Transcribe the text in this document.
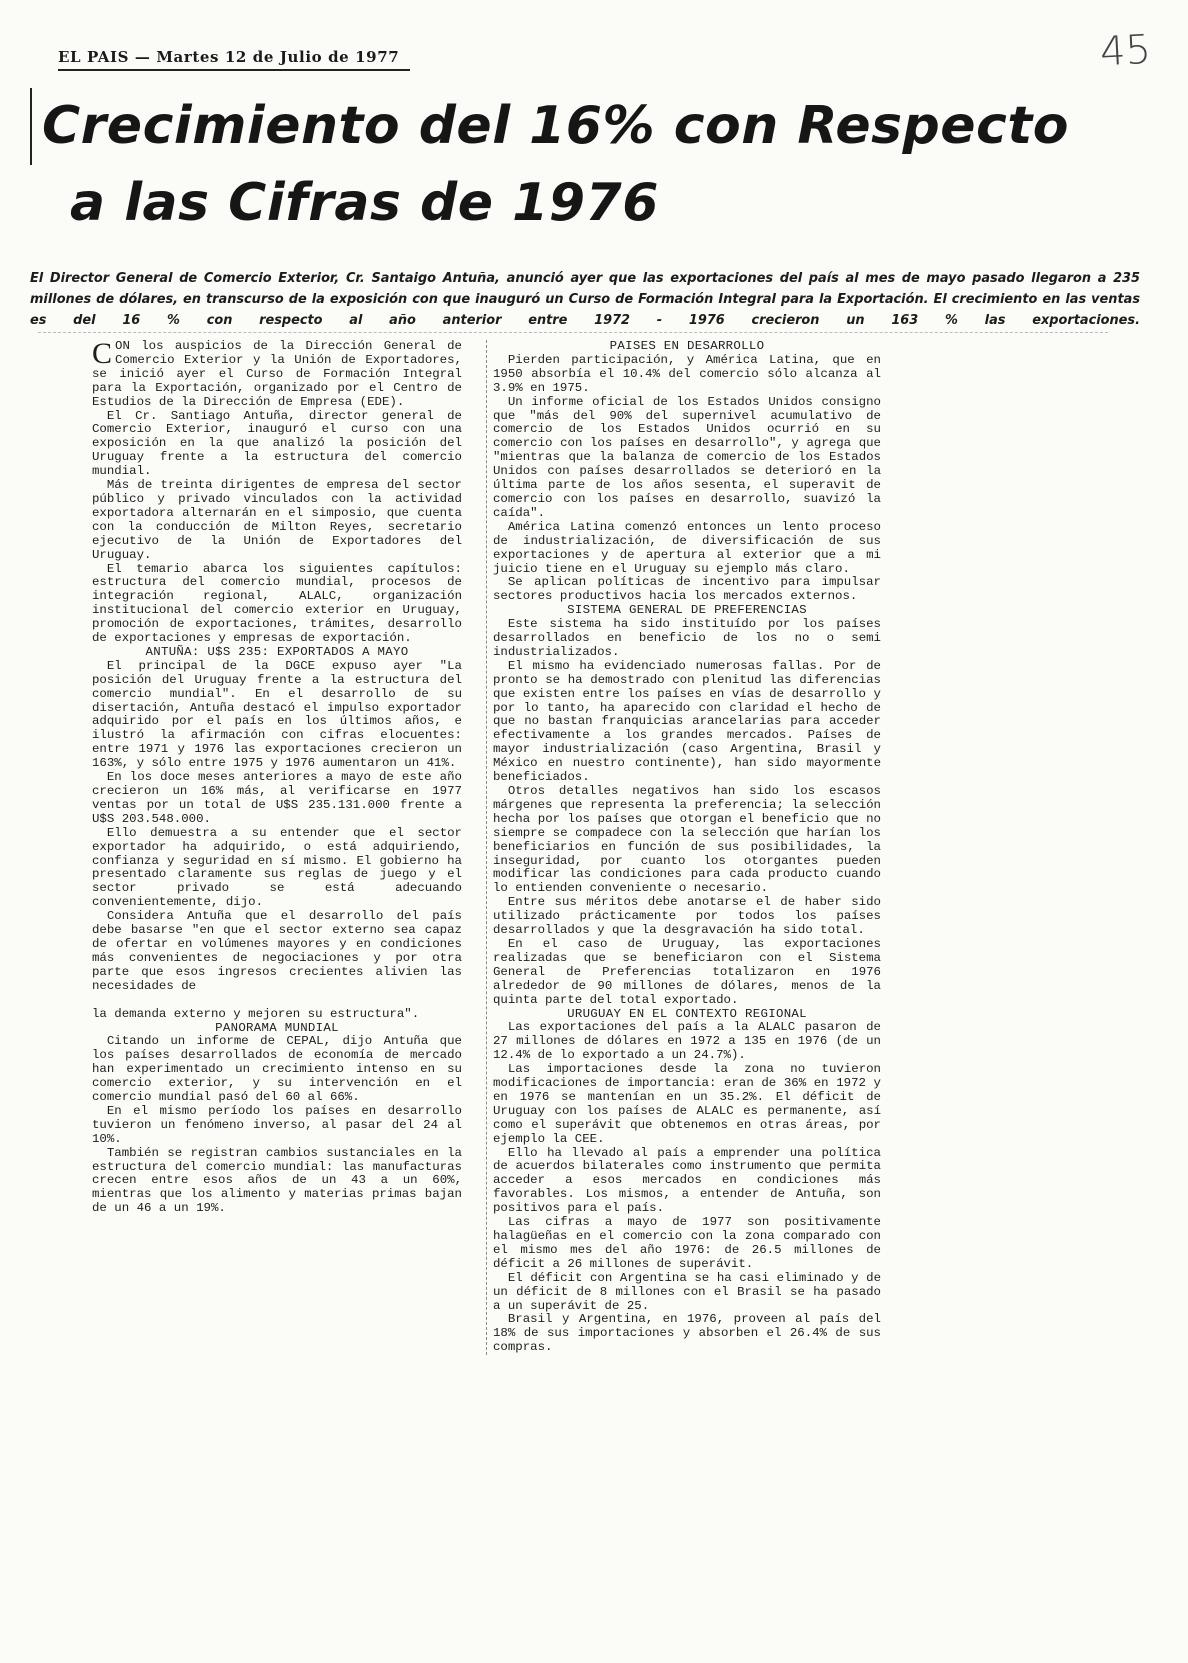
EL PAIS — Martes 12 de Julio de 1977	45
Crecimiento del 16% con Respecto
a las Cifras de 1976
El Director General de Comercio Exterior, Cr. Santaigo Antuña, anunció ayer que las exportaciones del país al mes de mayo pasado llegaron a 235 millones de dólares, en transcurso de la exposición con que inauguró un Curso de Formación Integral para la Exportación. El crecimiento en las ventas es del 16 % con respecto al año anterior entre 1972 - 1976 crecieron un 163 % las exportaciones.

CON los auspicios de la Dirección General de Comercio Exterior y la Unión de Exportadores, se inició ayer el Curso de Formación Integral para la Exportación, organizado por el Centro de Estudios de la Dirección de Empresa (EDE).

El Cr. Santiago Antuña, director general de Comercio Exterior, inauguró el curso con una exposición en la que analizó la posición del Uruguay frente a la estructura del comercio mundial.

Más de treinta dirigentes de empresa del sector público y privado vinculados con la actividad exportadora alternarán en el simposio, que cuenta con la conducción de Milton Reyes, secretario ejecutivo de la Unión de Exportadores del Uruguay.

El temario abarca los siguientes capítulos: estructura del comercio mundial, procesos de integración regional, ALALC, organización institucional del comercio exterior en Uruguay, promoción de exportaciones, trámites, desarrollo de exportaciones y empresas de exportación.

ANTUÑA: U$S 235: EXPORTADOS A MAYO

El principal de la DGCE expuso ayer "La posición del Uruguay frente a la estructura del comercio mundial". En el desarrollo de su disertación, Antuña destacó el impulso exportador adquirido por el país en los últimos años, e ilustró la afirmación con cifras elocuentes: entre 1971 y 1976 las exportaciones crecieron un 163%, y sólo entre 1975 y 1976 aumentaron un 41%.

En los doce meses anteriores a mayo de este año crecieron un 16% más, al verificarse en 1977 ventas por un total de U$S 235.131.000 frente a U$S 203.548.000.

Ello demuestra a su entender que el sector exportador ha adquirido, o está adquiriendo, confianza y seguridad en sí mismo. El gobierno ha presentado claramente sus reglas de juego y el sector privado se está adecuando convenientemente, dijo.

Considera Antuña que el desarrollo del país debe basarse "en que el sector externo sea capaz de ofertar en volúmenes mayores y en condiciones más convenientes de negociaciones y por otra parte que esos ingresos crecientes alivien las necesidades de

la demanda externo y mejoren su estructura".

PANORAMA MUNDIAL

Citando un informe de CEPAL, dijo Antuña que los países desarrollados de economía de mercado han experimentado un crecimiento intenso en su comercio exterior, y su intervención en el comercio mundial pasó del 60 al 66%.

En el mismo período los países en desarrollo tuvieron un fenómeno inverso, al pasar del 24 al 10%.

También se registran cambios sustanciales en la estructura del comercio mundial: las manufacturas crecen entre esos años de un 43 a un 60%, mientras que los alimento y materias primas bajan de un 46 a un 19%.

PAISES EN DESARROLLO

Pierden participación, y América Latina, que en 1950 absorbía el 10.4% del comercio sólo alcanza al 3.9% en 1975.

Un informe oficial de los Estados Unidos consigno que "más del 90% del supernivel acumulativo de comercio de los Estados Unidos ocurrió en su comercio con los países en desarrollo", y agrega que "mientras que la balanza de comercio de los Estados Unidos con países desarrollados se deterioró en la última parte de los años sesenta, el superavit de comercio con los países en desarrollo, suavizó la caída".

América Latina comenzó entonces un lento proceso de industrialización, de diversificación de sus exportaciones y de apertura al exterior que a mi juicio tiene en el Uruguay su ejemplo más claro.

Se aplican políticas de incentivo para impulsar sectores productivos hacia los mercados externos.

SISTEMA GENERAL DE PREFERENCIAS

Este sistema ha sido instituído por los países desarrollados en beneficio de los no o semi industrializados.

El mismo ha evidenciado numerosas fallas. Por de pronto se ha demostrado con plenitud las diferencias que existen entre los países en vías de desarrollo y por lo tanto, ha aparecido con claridad el hecho de que no bastan franquicias arancelarias para acceder efectivamente a los grandes mercados. Países de mayor industrialización (caso Argentina, Brasil y México en nuestro continente), han sido mayormente beneficiados.

Otros detalles negativos han sido los escasos márgenes que representa la preferencia; la selección hecha por los países que otorgan el beneficio que no siempre se compadece con la selección que harían los beneficiarios en función de sus posibilidades, la inseguridad, por cuanto los otorgantes pueden modificar las condiciones para cada producto cuando lo entienden conveniente o necesario.

Entre sus méritos debe anotarse el de haber sido utilizado prácticamente por todos los países desarrollados y que la desgravación ha sido total.

En el caso de Uruguay, las exportaciones realizadas que se beneficiaron con el Sistema General de Preferencias totalizaron en 1976 alrededor de 90 millones de dólares, menos de la quinta parte del total exportado.

URUGUAY EN EL CONTEXTO REGIONAL

Las exportaciones del país a la ALALC pasaron de 27 millones de dólares en 1972 a 135 en 1976 (de un 12.4% de lo exportado a un 24.7%).

Las importaciones desde la zona no tuvieron modificaciones de importancia: eran de 36% en 1972 y en 1976 se mantenían en un 35.2%. El déficit de Uruguay con los países de ALALC es permanente, así como el superávit que obtenemos en otras áreas, por ejemplo la CEE.

Ello ha llevado al país a emprender una política de acuerdos bilaterales como instrumento que permita acceder a esos mercados en condiciones más favorables. Los mismos, a entender de Antuña, son positivos para el país.

Las cifras a mayo de 1977 son positivamente halagüeñas en el comercio con la zona comparado con el mismo mes del año 1976: de 26.5 millones de déficit a 26 millones de superávit.

El déficit con Argentina se ha casi eliminado y de un déficit de 8 millones con el Brasil se ha pasado a un superávit de 25.

Brasil y Argentina, en 1976, proveen al país del 18% de sus importaciones y absorben el 26.4% de sus compras.
